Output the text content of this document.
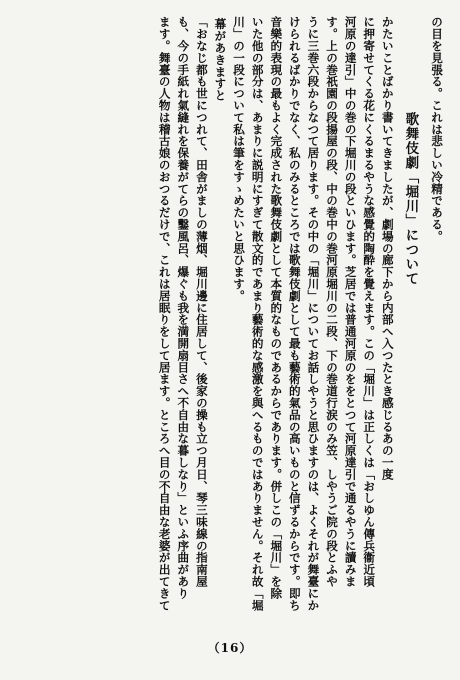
の目を見張る。これは悲しい冷精である。
歌舞伎劇「堀川」について
かたいことばかり書いてきましたが、劇場の廊下から内部へ入つたとき感じるあの一度
に押寄せてくる花にくるまるやうな感覺的陶酔を覺えます。この「堀川」は正しくは「おしゆん傳兵衞近頃
河原の達引」中の巻の下堀川の段といひます。芝居では普通河原のををとつて河原達引で通るやうに讀みま
す。上の巻祇園の段揚屋の段、中の巻中の巻河原堀川の二段、下の巻道行涙のみ笠、しやうご院の段とふや
うに三巻六段からなつて居ります。その中の「堀川」についてお話しやうと思ひますのは、よくそれが舞臺にか
けられるばかりでなく、私のみるところでは歌舞伎劇として最も藝術的氣品の高いものと信ずるからです。即ち
音樂的表現の最もよく完成された歌舞伎劇として本質的なものであるからであります。併しこの「堀川」を除
いた他の部分は、あまりに説明にすぎて散文的であまり藝術的な感激を與へるものではありません。それ故「堀
川」の一段について私は筆をすゝめたいと思ひます。
幕があきますと
「おなじ都も世につれて、田舎がましの薄烟、堀川邊に住居して、後家の操も立つ月日、琴三味線の指南屋
も、今の手紙れ氣縫れを保養がてらの鑿風呂、爆ぐも我を満開扇目さへ不自由な暮しなり」といふ序曲があり
ます。舞臺の人物は稽古娘のおつるだけで、これは居眠りをして居ます。ところへ目の不自由な老婆が出てきて
（16）
